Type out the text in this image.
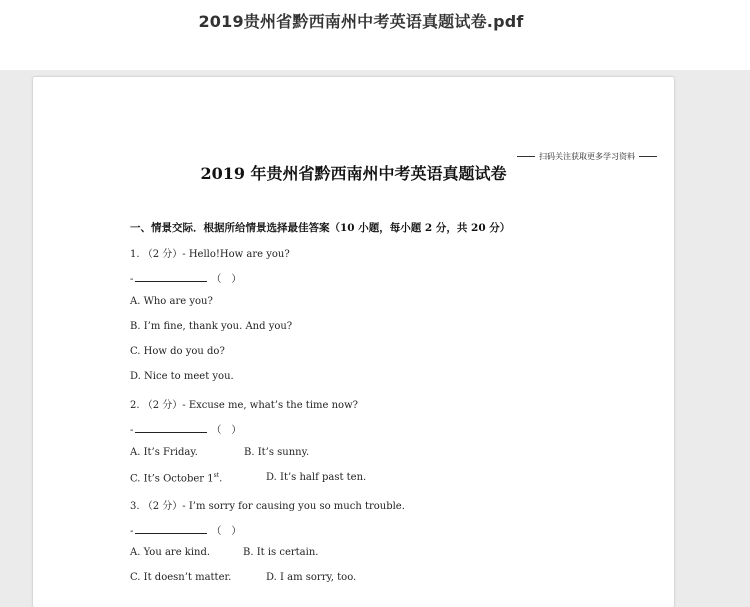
2019贵州省黔西南州中考英语真题试卷.pdf
扫码关注获取更多学习资料
2019 年贵州省黔西南州中考英语真题试卷
一、情景交际．根据所给情景选择最佳答案（10 小题，每小题 2 分，共 20 分）
1. （2 分）- Hello!How are you?
-	（　）
A. Who are you?
B. I’m fine, thank you. And you?
C. How do you do?
D. Nice to meet you.
2. （2 分）- Excuse me, what’s the time now?
-	（　）
A. It’s Friday.	B. It’s sunny.
C. It’s October 1st.	D. It’s half past ten.
3. （2 分）- I’m sorry for causing you so much trouble.
-	（　）
A. You are kind.	B. It is certain.
C. It doesn’t matter.	D. I am sorry, too.
